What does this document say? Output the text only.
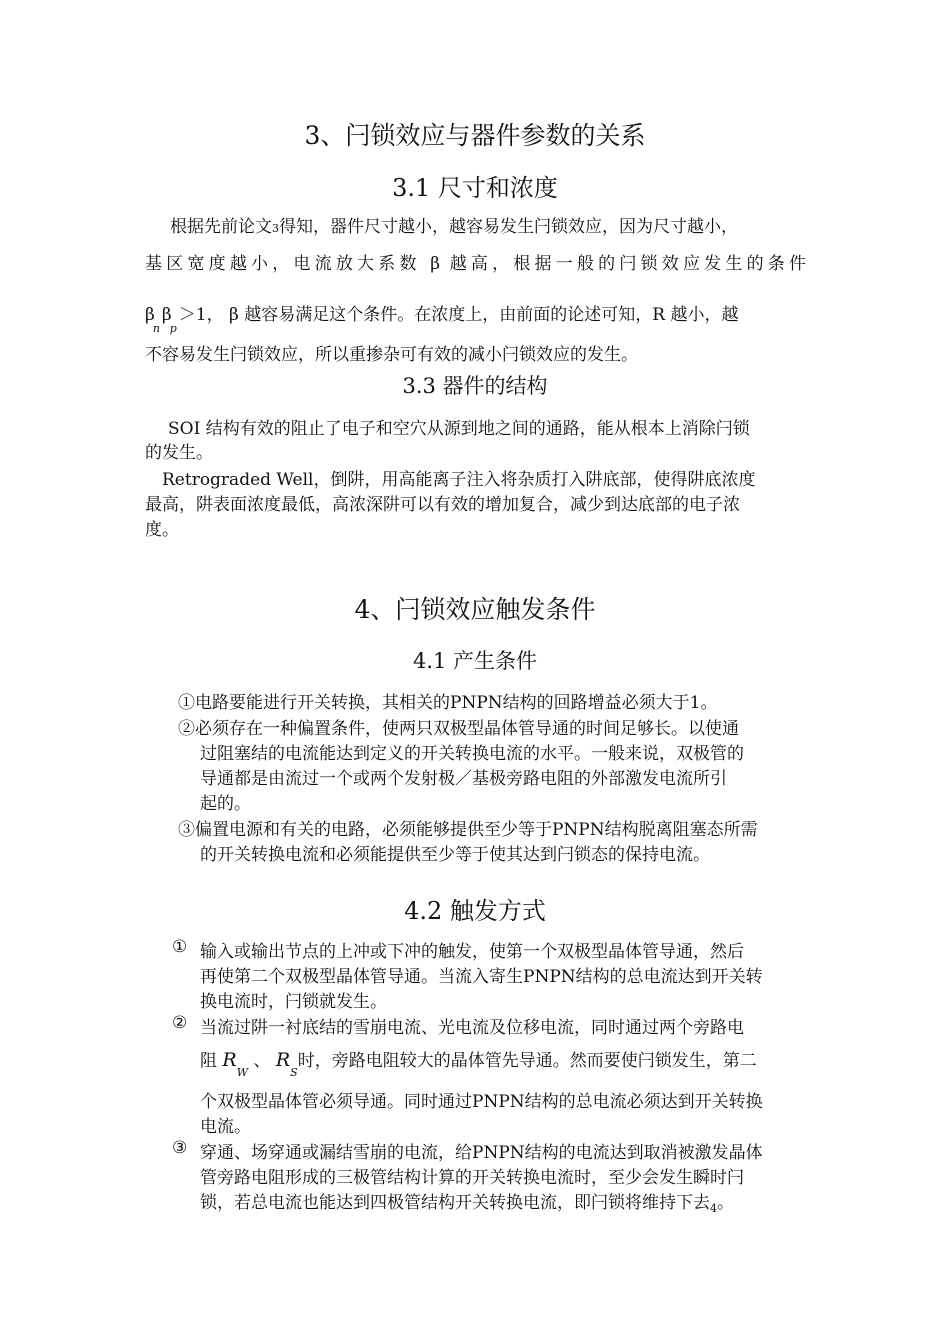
3、闩锁效应与器件参数的关系
3.1 尺寸和浓度
根据先前论文3得知，器件尺寸越小，越容易发生闩锁效应，因为尺寸越小，
基区宽度越小，电流放大系数 β 越高，根据一般的闩锁效应发生的条件
$\beta_n\beta_p>1$， β 越容易满足这个条件。在浓度上，由前面的论述可知，R 越小，越
不容易发生闩锁效应，所以重掺杂可有效的减小闩锁效应的发生。
3.3 器件的结构
SOI 结构有效的阻止了电子和空穴从源到地之间的通路，能从根本上消除闩锁
的发生。
Retrograded Well，倒阱，用高能离子注入将杂质打入阱底部，使得阱底浓度
最高，阱表面浓度最低，高浓深阱可以有效的增加复合，减少到达底部的电子浓
度。
4、闩锁效应触发条件
4.1 产生条件
①电路要能进行开关转换，其相关的PNPN结构的回路增益必须大于1。
②必须存在一种偏置条件，使两只双极型晶体管导通的时间足够长。以使通
过阻塞结的电流能达到定义的开关转换电流的水平。一般来说，双极管的
导通都是由流过一个或两个发射极／基极旁路电阻的外部激发电流所引
起的。
③偏置电源和有关的电路，必须能够提供至少等于PNPN结构脱离阻塞态所需
的开关转换电流和必须能提供至少等于使其达到闩锁态的保持电流。
4.2 触发方式
① 输入或输出节点的上冲或下冲的触发，使第一个双极型晶体管导通，然后
再使第二个双极型晶体管导通。当流入寄生PNPN结构的总电流达到开关转
换电流时，闩锁就发生。
② 当流过阱一衬底结的雪崩电流、光电流及位移电流，同时通过两个旁路电
阻 $R_W$ 、 $R_S$时，旁路电阻较大的晶体管先导通。然而要使闩锁发生，第二
个双极型晶体管必须导通。同时通过PNPN结构的总电流必须达到开关转换
电流。
③ 穿通、场穿通或漏结雪崩的电流，给PNPN结构的电流达到取消被激发晶体
管旁路电阻形成的三极管结构计算的开关转换电流时，至少会发生瞬时闩
锁，若总电流也能达到四极管结构开关转换电流，即闩锁将维持下去$_4$。
